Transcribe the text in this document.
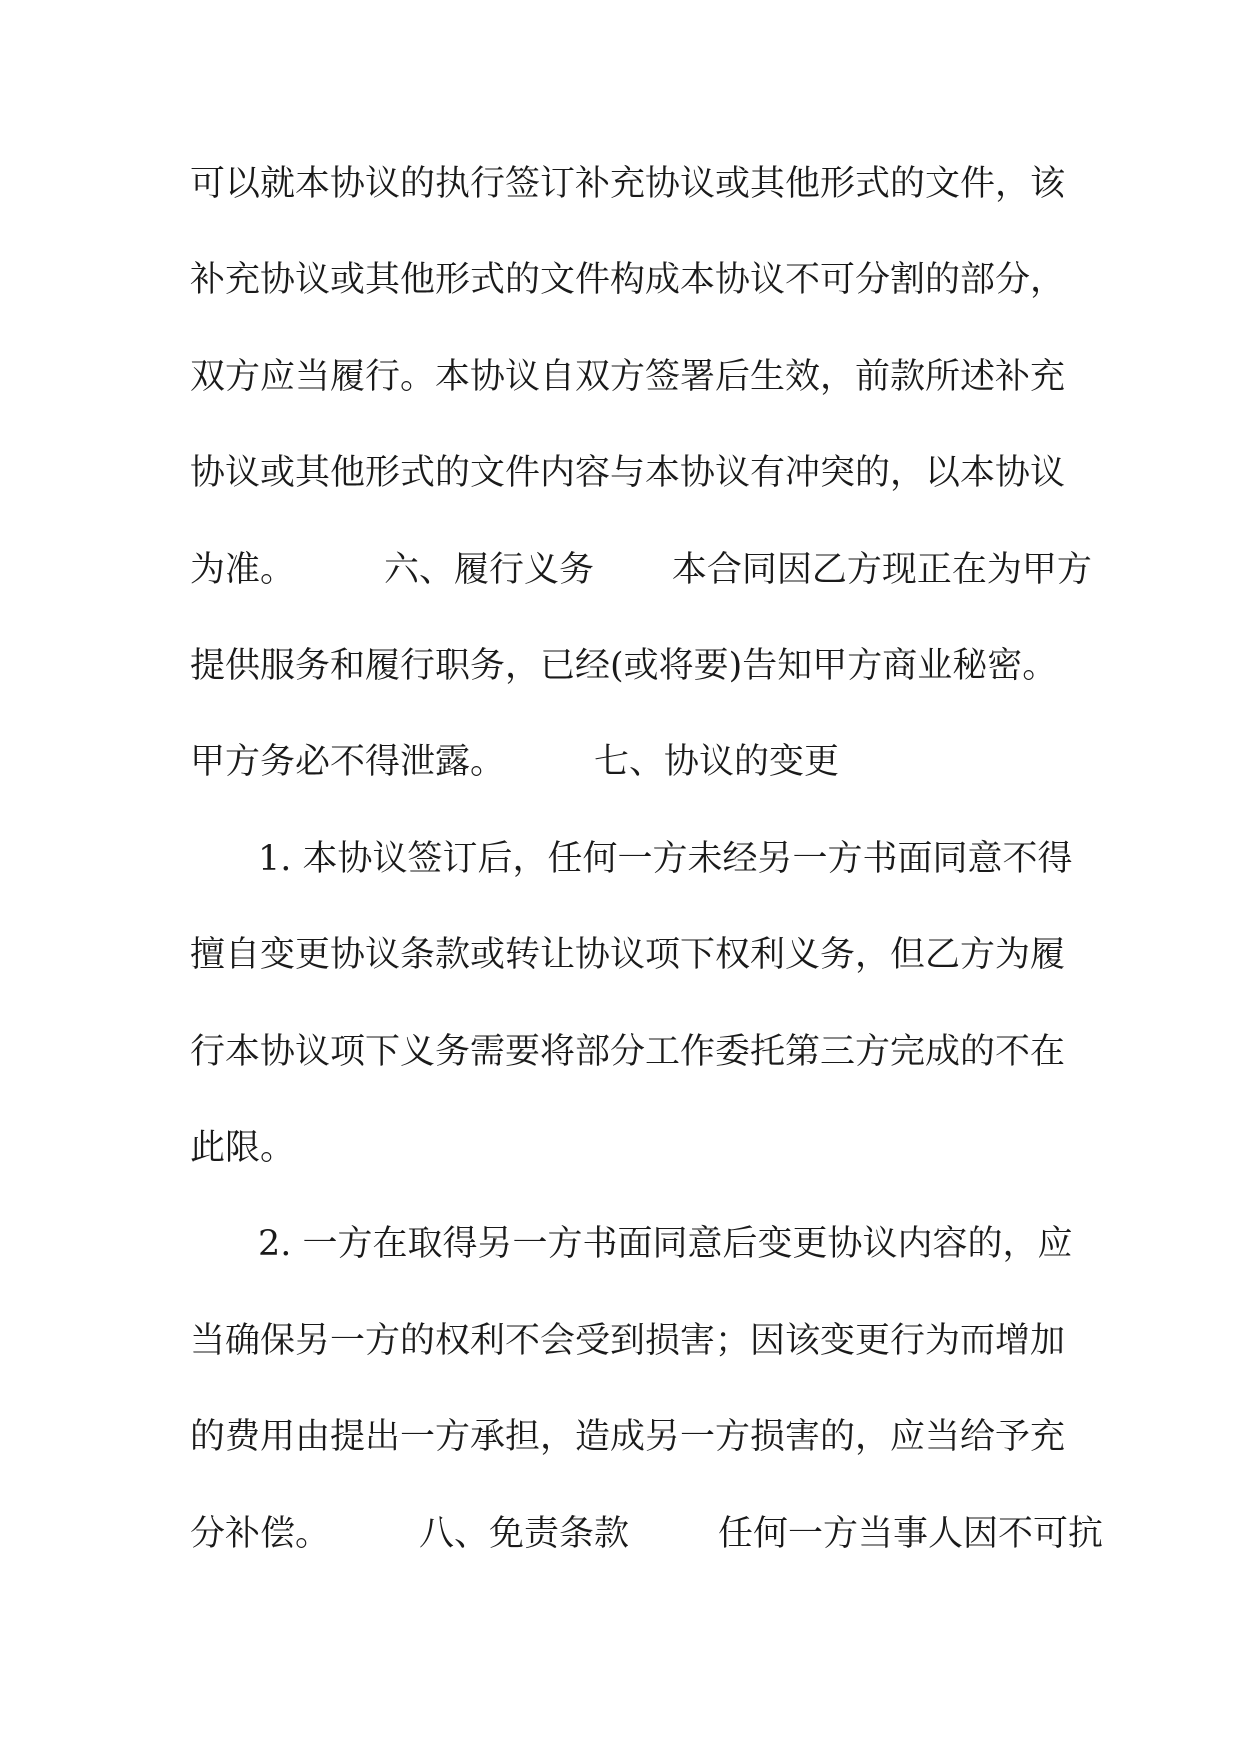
可以就本协议的执行签订补充协议或其他形式的文件，该

补充协议或其他形式的文件构成本协议不可分割的部分，

双方应当履行。本协议自双方签署后生效，前款所述补充

协议或其他形式的文件内容与本协议有冲突的，以本协议

为准。        六、履行义务       本合同因乙方现正在为甲方

提供服务和履行职务，已经(或将要)告知甲方商业秘密。

甲方务必不得泄露。        七、协议的变更

1. 本协议签订后，任何一方未经另一方书面同意不得

擅自变更协议条款或转让协议项下权利义务，但乙方为履

行本协议项下义务需要将部分工作委托第三方完成的不在

此限。

2. 一方在取得另一方书面同意后变更协议内容的，应

当确保另一方的权利不会受到损害；因该变更行为而增加

的费用由提出一方承担，造成另一方损害的，应当给予充

分补偿。        八、免责条款        任何一方当事人因不可抗
